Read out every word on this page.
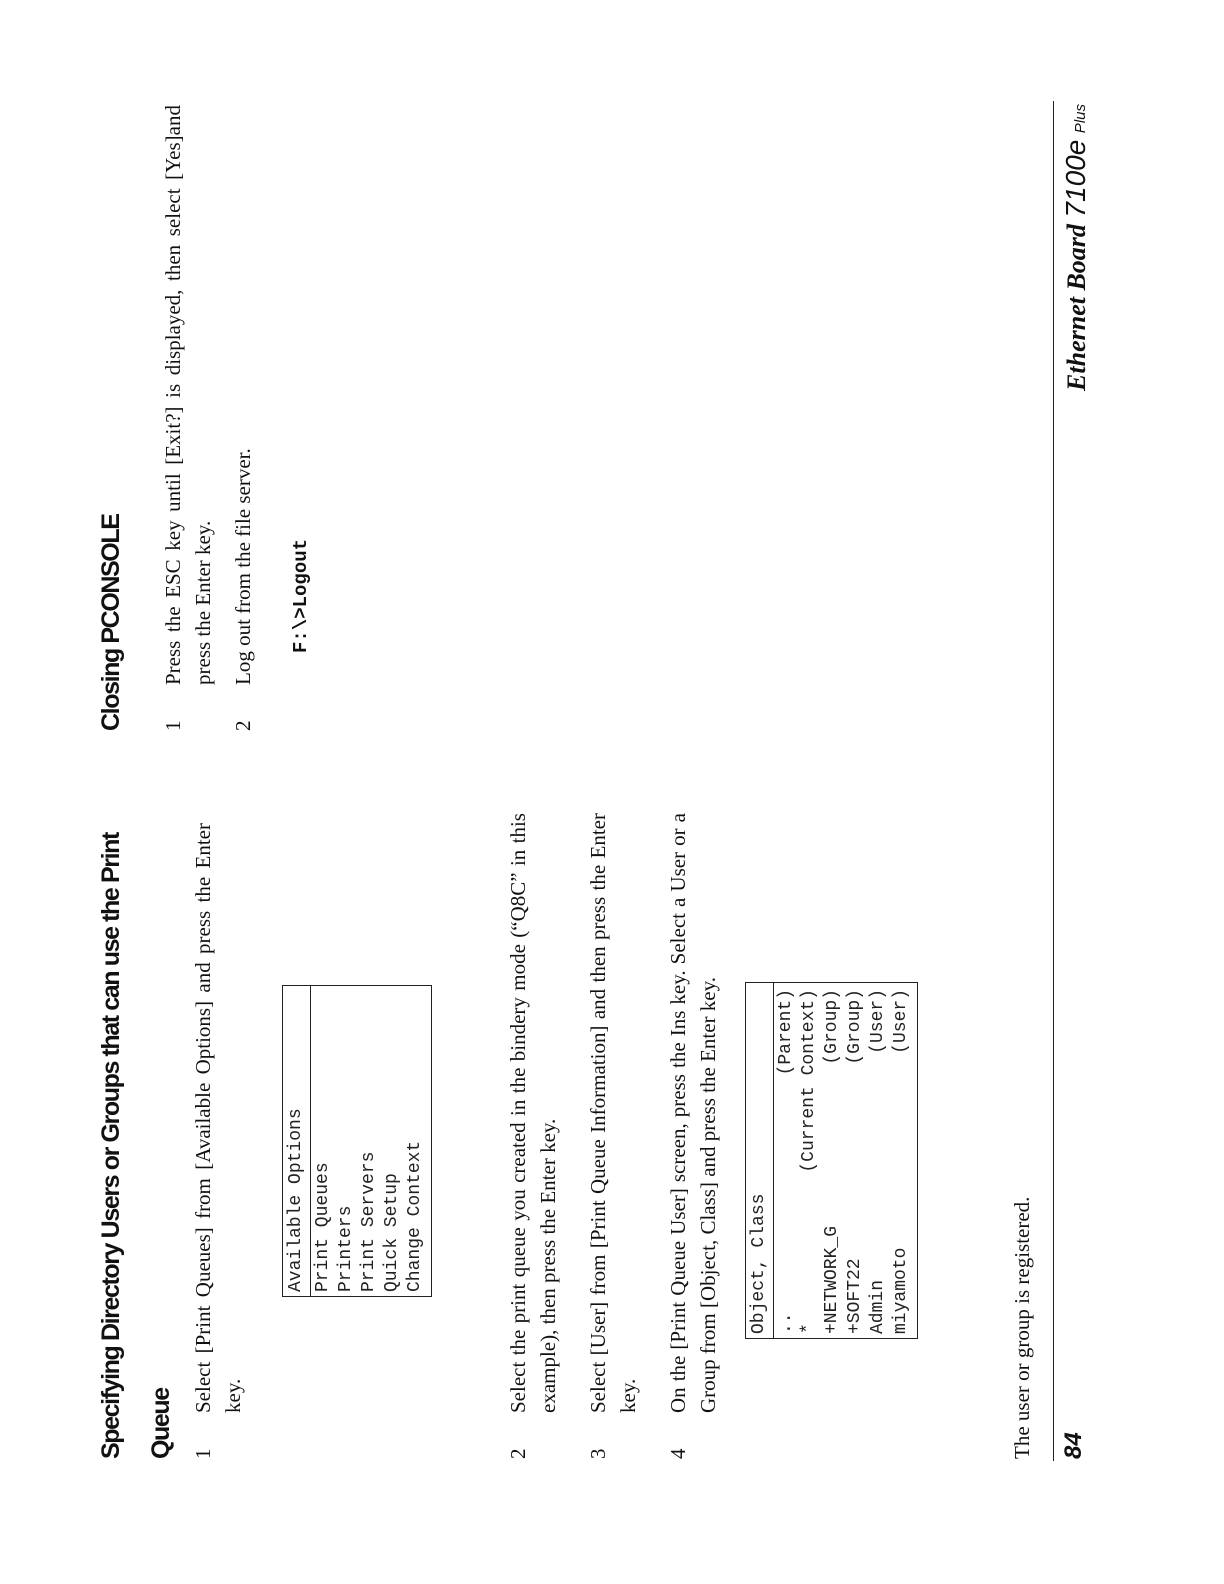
Specifying Directory Users or Groups that can use the Print Queue 1
Select [Print Queues] from [Available Options] and press the Enter key.
Available Options Print Queues Printers Print Servers Quick Setup Change Context
2
Select the print queue you created in the bindery mode (“Q8C” in this example), then press the Enter key.
3
Select [User] from [Print Queue Information] and then press the Enter key.
4
On the [Print Queue User] screen, press the Ins key. Select a User or a Group from [Object, Class] and press the Enter key. Object, Class ..
(Parent)
*
(Current Context)
+NETWORK_G
(Group)
+SOFT22
(Group)
Admin
(User)
miyamoto
(User)
The user or group is registered.
Closing PCONSOLE	1
Press the ESC key until [Exit?] is displayed, then select [Yes]and press the Enter key.
2
Log out from the file server. F:\>Logout
84
Ethernet Board 7100e Plus
